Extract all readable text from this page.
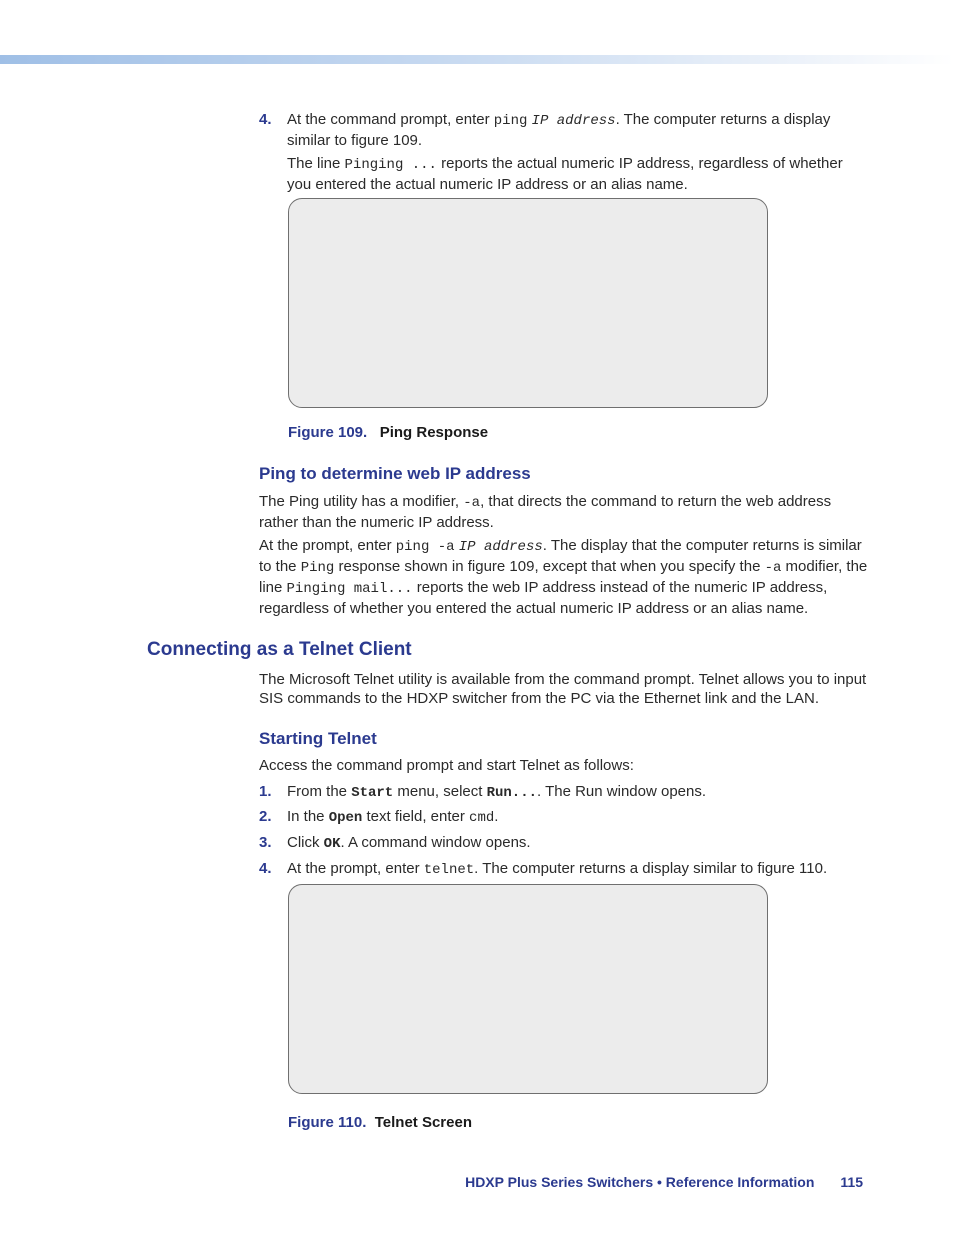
4. At the command prompt, enter ping IP address. The computer returns a display similar to figure 109.
The line Pinging ... reports the actual numeric IP address, regardless of whether you entered the actual numeric IP address or an alias name.
Figure 109. Ping Response
Ping to determine web IP address
The Ping utility has a modifier, -a, that directs the command to return the web address rather than the numeric IP address.
At the prompt, enter ping -a IP address. The display that the computer returns is similar to the Ping response shown in figure 109, except that when you specify the -a modifier, the line Pinging mail... reports the web IP address instead of the numeric IP address, regardless of whether you entered the actual numeric IP address or an alias name.
Connecting as a Telnet Client
The Microsoft Telnet utility is available from the command prompt. Telnet allows you to input SIS commands to the HDXP switcher from the PC via the Ethernet link and the LAN.
Starting Telnet
Access the command prompt and start Telnet as follows:
1. From the Start menu, select Run.... The Run window opens.
2. In the Open text field, enter cmd.
3. Click OK. A command window opens.
4. At the prompt, enter telnet. The computer returns a display similar to figure 110.
Figure 110. Telnet Screen
HDXP Plus Series Switchers • Reference Information 115
